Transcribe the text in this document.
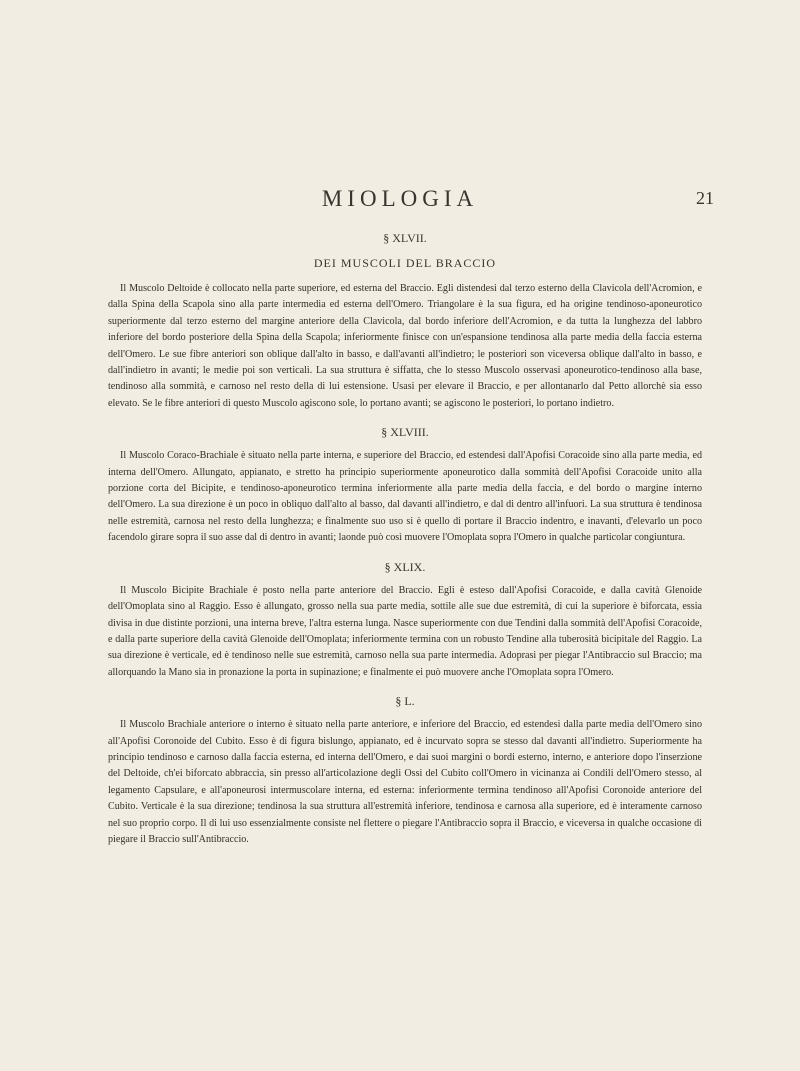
MIOLOGIA	21
§ XLVII.
DEI MUSCOLI DEL BRACCIO

Il Muscolo Deltoide è collocato nella parte superiore, ed esterna del Braccio. Egli distendesi dal terzo esterno della Clavicola dell'Acromion, e dalla Spina della Scapola sino alla parte intermedia ed esterna dell'Omero. Triangolare è la sua figura, ed ha origine tendinoso-aponeurotico superiormente dal terzo esterno del margine anteriore della Clavicola, dal bordo inferiore dell'Acromion, e da tutta la lunghezza del labbro inferiore del bordo posteriore della Spina della Scapola; inferiormente finisce con un'espansione tendinosa alla parte media della faccia esterna dell'Omero. Le sue fibre anteriori son oblique dall'alto in basso, e dall'avanti all'indietro; le posteriori son viceversa oblique dall'alto in basso, e dall'indietro in avanti; le medie poi son verticali. La sua struttura è siffatta, che lo stesso Muscolo osservasi aponeurotico-tendinoso alla base, tendinoso alla sommità, e carnoso nel resto della di lui estensione. Usasi per elevare il Braccio, e per allontanarlo dal Petto allorchè sia esso elevato. Se le fibre anteriori di questo Muscolo agiscono sole, lo portano avanti; se agiscono le posteriori, lo portano indietro.

§ XLVIII.

Il Muscolo Coraco-Brachiale è situato nella parte interna, e superiore del Braccio, ed estendesi dall'Apofisi Coracoide sino alla parte media, ed interna dell'Omero. Allungato, appianato, e stretto ha principio superiormente aponeurotico dalla sommità dell'Apofisi Coracoide unito alla porzione corta del Bicipite, e tendinoso-aponeurotico termina inferiormente alla parte media della faccia, e del bordo o margine interno dell'Omero. La sua direzione è un poco in obliquo dall'alto al basso, dal davanti all'indietro, e dal di dentro all'infuori. La sua struttura è tendinosa nelle estremità, carnosa nel resto della lunghezza; e finalmente suo uso si è quello di portare il Braccio indentro, e inavanti, d'elevarlo un poco facendolo girare sopra il suo asse dal di dentro in avanti; laonde può così muovere l'Omoplata sopra l'Omero in qualche particolar congiuntura.

§ XLIX.

Il Muscolo Bicipite Brachiale è posto nella parte anteriore del Braccio. Egli è esteso dall'Apofisi Coracoide, e dalla cavità Glenoide dell'Omoplata sino al Raggio. Esso è allungato, grosso nella sua parte media, sottile alle sue due estremità, di cui la superiore è biforcata, essia divisa in due distinte porzioni, una interna breve, l'altra esterna lunga. Nasce superiormente con due Tendini dalla sommità dell'Apofisi Coracoide, e dalla parte superiore della cavità Glenoide dell'Omoplata; inferiormente termina con un robusto Tendine alla tuberosità bicipitale del Raggio. La sua direzione è verticale, ed è tendinoso nelle sue estremità, carnoso nella sua parte intermedia. Adoprasi per piegar l'Antibraccio sul Braccio; ma allorquando la Mano sia in pronazione la porta in supinazione; e finalmente ei può muovere anche l'Omoplata sopra l'Omero.

§ L.

Il Muscolo Brachiale anteriore o interno è situato nella parte anteriore, e inferiore del Braccio, ed estendesi dalla parte media dell'Omero sino all'Apofisi Coronoide del Cubito. Esso è di figura bislungo, appianato, ed è incurvato sopra se stesso dal davanti all'indietro. Superiormente ha principio tendinoso e carnoso dalla faccia esterna, ed interna dell'Omero, e dai suoi margini o bordi esterno, interno, e anteriore dopo l'inserzione del Deltoide, ch'ei biforcato abbraccia, sin presso all'articolazione degli Ossi del Cubito coll'Omero in vicinanza ai Condili dell'Omero stesso, al legamento Capsulare, e all'aponeurosi intermuscolare interna, ed esterna: inferiormente termina tendinoso all'Apofisi Coronoide anteriore del Cubito. Verticale è la sua direzione; tendinosa la sua struttura all'estremità inferiore, tendinosa e carnosa alla superiore, ed è interamente carnoso nel suo proprio corpo. Il di lui uso essenzialmente consiste nel flettere o piegare l'Antibraccio sopra il Braccio, e viceversa in qualche occasione di piegare il Braccio sull'Antibraccio.
